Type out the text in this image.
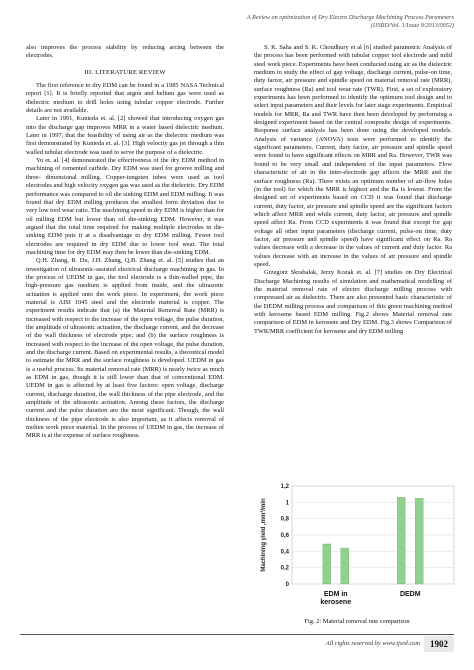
A Review on optimization of Dry Electro Discharge Machining Process Parameters
(IJSRD/Vol. 1/Issue 9/2013/0052)

also improves the process stability by reducing arcing between the electrodes.

III. LITERATURE REVIEW

The first reference to dry EDM can be found in a 1985 NASA Technical report [1]. It is briefly reported that argon and helium gas were used as dielectric medium to drill holes using tubular copper electrode. Further details are not available.

Later in 1991, Kunieda et. al. [2] showed that introducing oxygen gas into the discharge gap improves MRR in a water based dielectric medium. Later in 1997, that the feasibility of using air as the dielectric medium was first demonstrated by Kunieda et. al. [3]. High velocity gas jet through a thin walled tubular electrode was used to serve the purpose of a dielectric.

Yu et. al. [4] demonstrated the effectiveness of the dry EDM method in machining of cemented carbide. Dry EDM was used for groove milling and three- dimensional milling. Copper-tungsten tubes were used as tool electrodes and high velocity oxygen gas was used as the dielectric. Dry EDM performance was compared to oil die sinking EDM and EDM milling. It was found that dry EDM milling produces the smallest form deviation due to very low tool wear ratio. The machining speed in dry EDM is higher than for oil milling EDM but lower than oil die-sinking EDM. However, it was argued that the total time required for making multiple electrodes in die-sinking EDM puts it at a disadvantage to dry EDM milling. Fewer tool electrodes are required in dry EDM due to lower tool wear. The total machining time for dry EDM may then be lower than die-sinking EDM.

Q.H. Zhang, R. Du, J.H. Zhang, Q.B. Zhang et. al. [5] studies that an investigation of ultrasonic-assisted electrical discharge machining in gas. In the process of UEDM in gas, the tool electrode is a thin-walled pipe, the high-pressure gas medium is applied from inside, and the ultrasonic actuation is applied onto the work piece. In experiment, the work piece material is AISI 1045 steel and the electrode material is copper. The experiment results indicate that (a) the Material Removal Rate (MRR) is increased with respect to the increase of the open voltage, the pulse duration, the amplitude of ultrasonic actuation, the discharge current, and the decrease of the wall thickness of electrode pipe; and (b) the surface roughness is increased with respect to the increase of the open voltage, the pulse duration, and the discharge current. Based on experimental results, a theoretical model to estimate the MRR and the surface roughness is developed. UEDM in gas is a useful process. Its material removal rate (MRR) is nearly twice as much as EDM in gas, though it is still lower than that of conventional EDM. UEDM in gas is affected by at least five factors: open voltage, discharge current, discharge duration, the wall thickness of the pipe electrode, and the amplitude of the ultrasonic actuation. Among these factors, the discharge current and the pulse duration are the most significant. Though, the wall thickness of the pipe electrode is also important, as it affects removal of molten work piece material. In the process of UEDM in gas, the increase of MRR is at the expense of surface roughness.

S. K. Saha and S. K. Choudhury et al [6] studied parametric Analysis of the process has been performed with tubular copper tool electrode and mild steel work piece. Experiments have been conducted using air as the dielectric medium to study the effect of gap voltage, discharge current, pulse-on time, duty factor, air pressure and spindle speed on material removal rate (MRR), surface roughness (Ra) and tool wear rate (TWR). First, a set of exploratory experiments has been performed to identify the optimum tool design and to select input parameters and their levels for later stage experiments. Empirical models for MRR, Ra and TWR have then been developed by performing a designed experiment based on the central composite design of experiments. Response surface analysis has been done using the developed models. Analysis of variance (ANOVA) tests were performed to identify the significant parameters. Current, duty factor, air pressure and spindle speed were found to have significant effects on MRR and Ra. However, TWR was found to be very small and independent of the input parameters. Flow characteristic of air in the inter-electrode gap affects the MRR and the surface roughness (Ra). There exists an optimum number of air-flow holes (in the tool) for which the MRR is highest and the Ra is lowest. From the designed set of experiments based on CCD it was found that discharge current, duty factor, air pressure and spindle speed are the significant factors which affect MRR and while current, duty factor, air pressure and spindle speed affect Ra. From CCD experiments it was found that except for gap voltage all other input parameters (discharge current, pulse-on time, duty factor, air pressure and spindle speed) have significant effect on Ra. Ra values decrease with a decrease in the values of current and duty factor. Ra values decrease with an increase in the values of air pressure and spindle speed.

Grzegorz Skrabalak, Jerzy Kozak et. al. [7] studies on Dry Electrical Discharge Machining results of simulation and mathematical modelling of the material removal rate of electro discharge milling process with compressed air as dielectric. There are also presented basic characteristic of the DEDM milling process and comparison of this green machining method with kerosene based EDM milling. Fig.2 shows Material removal rate comparison of EDM in kerosene and Dry EDM. Fig.3 shows Comparison of TWR/MRR coefficient for kerosene and dry EDM milling

0
0,2
0,4
0,6
0,8
1
1,2
Machining yield ,mm³/min
EDM in
kerosene
DEDM
Fig. 2: Material removal rate comparison
All rights reserved by www.ijsrd.com	1902
